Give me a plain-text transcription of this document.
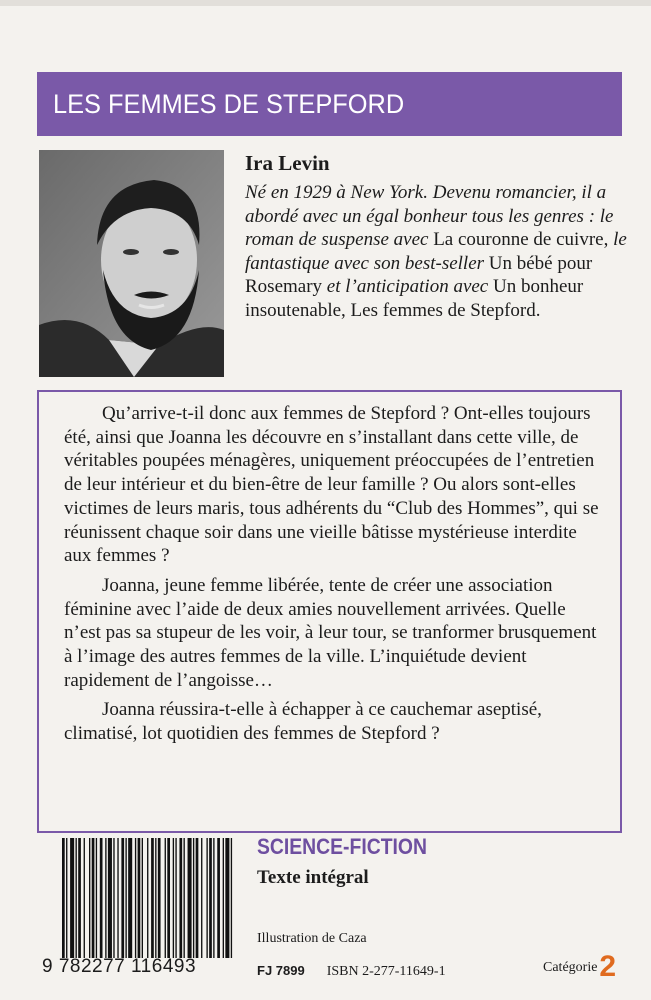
LES FEMMES DE STEPFORD
Ira Levin
Né en 1929 à New York. Devenu romancier, il a abordé avec un égal bonheur tous les genres : le roman de suspense avec La couronne de cuivre, le fantastique avec son best-seller Un bébé pour Rosemary et l’anticipation avec Un bonheur insoutenable, Les femmes de Stepford.

Qu’arrive-t-il donc aux femmes de Stepford ? Ont-elles toujours été, ainsi que Joanna les découvre en s’installant dans cette ville, de véritables poupées ménagères, uniquement préoccupées de l’entretien de leur intérieur et du bien-être de leur famille ? Ou alors sont-elles victimes de leurs maris, tous adhérents du “Club des Hommes”, qui se réunissent chaque soir dans une vieille bâtisse mystérieuse interdite aux femmes ?

Joanna, jeune femme libérée, tente de créer une association féminine avec l’aide de deux amies nouvellement arrivées. Quelle n’est pas sa stupeur de les voir, à leur tour, se tranformer brusquement à l’image des autres femmes de la ville. L’inquiétude devient rapidement de l’angoisse…

Joanna réussira-t-elle à échapper à ce cauchemar aseptisé, climatisé, lot quotidien des femmes de Stepford ?

9 782277 116493
SCIENCE-FICTION
Texte intégral
Illustration de Caza
FJ 7899 ISBN 2-277-11649-1	Catégorie2
